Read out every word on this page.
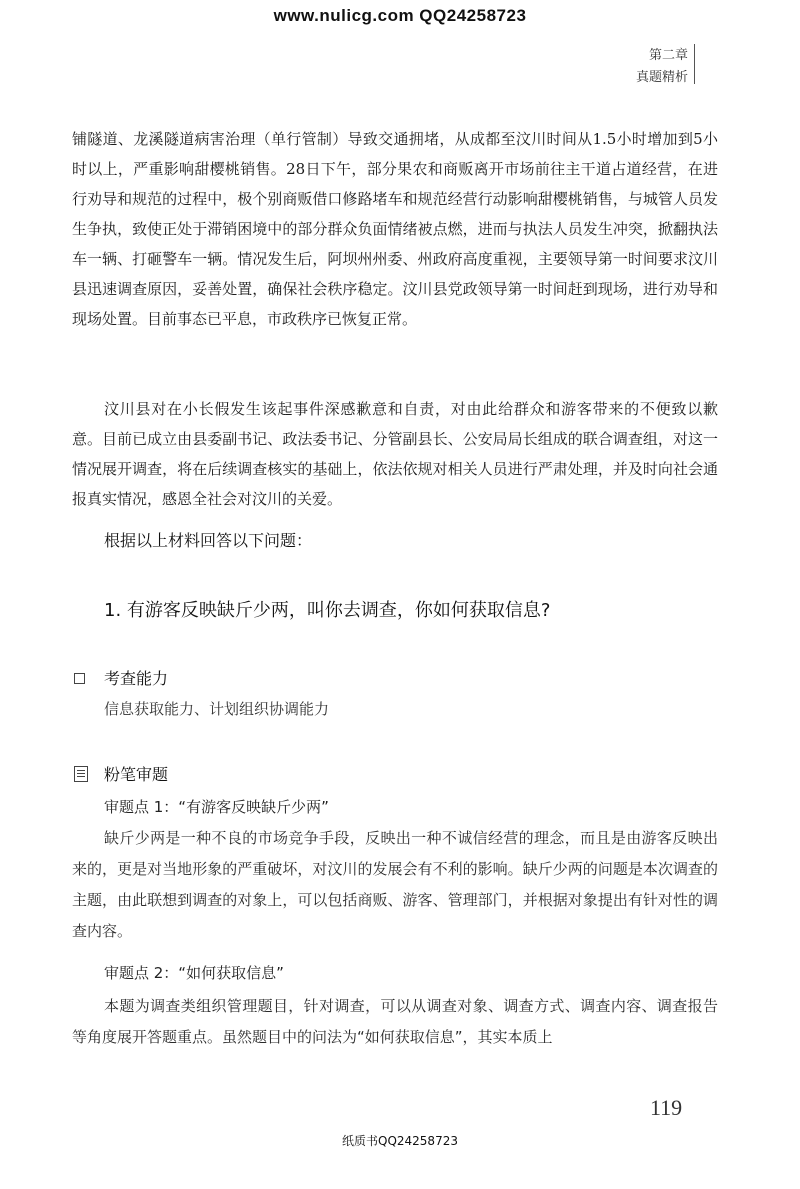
www.nulicg.com QQ24258723
第二章
真题精析

铺隧道、龙溪隧道病害治理（单行管制）导致交通拥堵，从成都至汶川时间从1.5小时增加到5小时以上，严重影响甜樱桃销售。28日下午，部分果农和商贩离开市场前往主干道占道经营，在进行劝导和规范的过程中，极个别商贩借口修路堵车和规范经营行动影响甜樱桃销售，与城管人员发生争执，致使正处于滞销困境中的部分群众负面情绪被点燃，进而与执法人员发生冲突，掀翻执法车一辆、打砸警车一辆。情况发生后，阿坝州州委、州政府高度重视，主要领导第一时间要求汶川县迅速调查原因，妥善处置，确保社会秩序稳定。汶川县党政领导第一时间赶到现场，进行劝导和现场处置。目前事态已平息，市政秩序已恢复正常。

汶川县对在小长假发生该起事件深感歉意和自责，对由此给群众和游客带来的不便致以歉意。目前已成立由县委副书记、政法委书记、分管副县长、公安局局长组成的联合调查组，对这一情况展开调查，将在后续调查核实的基础上，依法依规对相关人员进行严肃处理，并及时向社会通报真实情况，感恩全社会对汶川的关爱。

根据以上材料回答以下问题：
1. 有游客反映缺斤少两，叫你去调查，你如何获取信息?
考查能力
信息获取能力、计划组织协调能力
粉笔审题
审题点 1：“有游客反映缺斤少两”

缺斤少两是一种不良的市场竞争手段，反映出一种不诚信经营的理念，而且是由游客反映出来的，更是对当地形象的严重破坏，对汶川的发展会有不利的影响。缺斤少两的问题是本次调查的主题，由此联想到调查的对象上，可以包括商贩、游客、管理部门，并根据对象提出有针对性的调查内容。

审题点 2：“如何获取信息”

本题为调查类组织管理题目，针对调查，可以从调查对象、调查方式、调查内容、调查报告等角度展开答题重点。虽然题目中的问法为“如何获取信息”，其实本质上

119
纸质书QQ24258723
